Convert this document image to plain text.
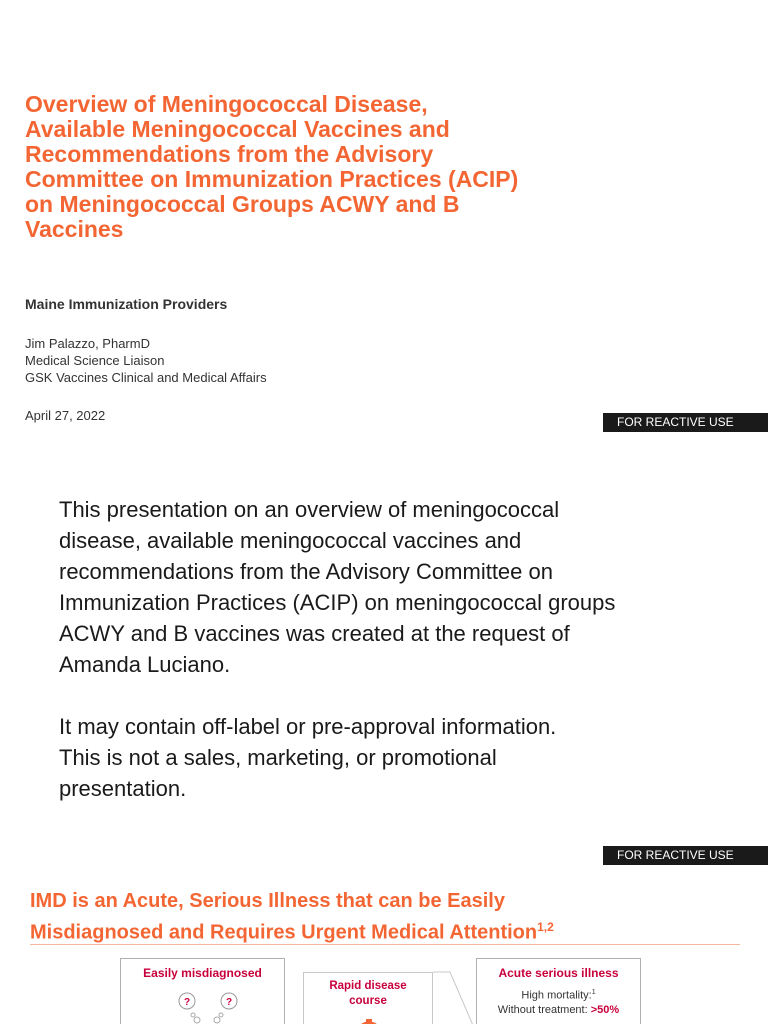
Overview of Meningococcal Disease,
Available Meningococcal Vaccines and
Recommendations from the Advisory
Committee on Immunization Practices (ACIP)
on Meningococcal Groups ACWY and B
Vaccines

Maine Immunization Providers

Jim Palazzo, PharmD
Medical Science Liaison
GSK Vaccines Clinical and Medical Affairs
April 27, 2022	FOR REACTIVE USE

This presentation on an overview of meningococcal
disease, available meningococcal vaccines and
recommendations from the Advisory Committee on
Immunization Practices (ACIP) on meningococcal groups
ACWY and B vaccines was created at the request of
Amanda Luciano.

It may contain off-label or pre-approval information.
This is not a sales, marketing, or promotional
presentation.

FOR REACTIVE USE
IMD is an Acute, Serious Illness that can be Easily
Misdiagnosed and Requires Urgent Medical Attention$^{1,2}$
Easily misdiagnosed
?	?
Rapid disease
course
Acute serious illness
High mortality:$^1$
Without treatment: >50%
